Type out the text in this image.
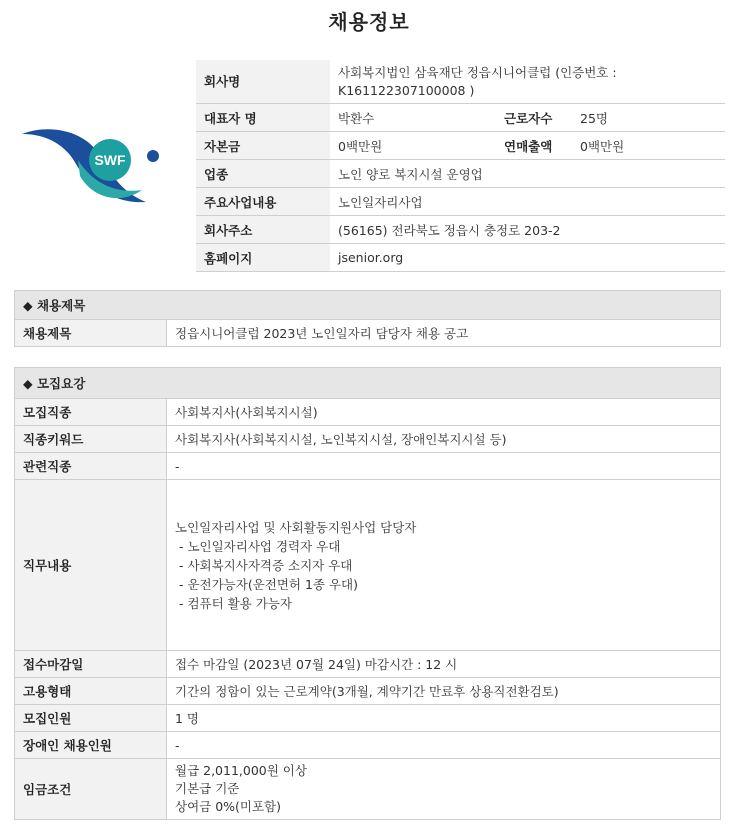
채용정보
SWF
회사명	사회복지법인 삼육재단 정읍시니어클럽 (인증번호 : K161122307100008 )		
대표자 명	박환수	근로자수	25명
자본금	0백만원	연매출액	0백만원
업종	노인 양로 복지시설 운영업		
주요사업내용	노인일자리사업		
회사주소	(56165) 전라북도 정읍시 충정로 203-2		
홈페이지	jsenior.org		
◆ 채용제목
채용제목	정읍시니어클럽 2023년 노인일자리 담당자 채용 공고
◆ 모집요강	
모집직종	사회복지사(사회복지시설)
직종키워드	사회복지사(사회복지시설, 노인복지시설, 장애인복지시설 등)
관련직종	-
직무내용	노인일자리사업 및 사회활동지원사업 담당자
- 노인일자리사업 경력자 우대
- 사회복지사자격증 소지자 우대
- 운전가능자(운전면허 1종 우대)
- 컴퓨터 활용 가능자

접수마감일	접수 마감일 (2023년 07월 24일) 마감시간 : 12 시
고용형태	기간의 정함이 있는 근로계약(3개월, 계약기간 만료후 상용직전환검토)
모집인원	1 명
장애인 채용인원	-
임금조건	월급 2,011,000원 이상
기본급 기준
상여금 0%(미포함)
